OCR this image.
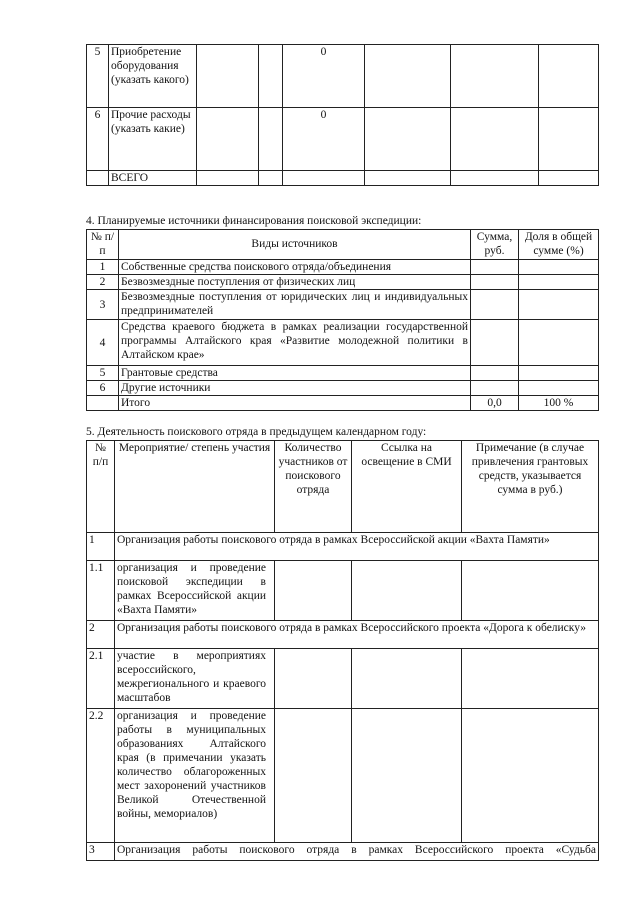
5	Приобретение оборудования (указать какого)			0			
6	Прочие расходы (указать какие)			0			
	ВСЕГО						
4. Планируемые источники финансирования поисковой экспедиции:
№ п/п	Виды источников	Сумма, руб.	Доля в общей сумме (%)
1	Собственные средства поискового отряда/объединения		
2	Безвозмездные поступления от физических лиц		
3	Безвозмездные поступления от юридических лиц и индивидуальных предпринимателей		
4	Средства краевого бюджета в рамках реализации государственной программы Алтайского края «Развитие молодежной политики в Алтайском крае»		
5	Грантовые средства		
6	Другие источники		
	Итого	0,0	100 %
5. Деятельность поискового отряда в предыдущем календарном году:
№ п/п	Мероприятие/ степень участия	Количество участников от поискового отряда	Ссылка на освещение в СМИ	Примечание (в случае привлечения грантовых средств, указывается сумма в руб.)
1	Организация работы поискового отряда в рамках Всероссийской акции «Вахта Памяти»			
1.1	организация и проведение поисковой экспедиции в рамках Всероссийской акции «Вахта Памяти»			
2	Организация работы поискового отряда в рамках Всероссийского проекта «Дорога к обелиску»			
2.1	участие в мероприятиях всероссийского, межрегионального и краевого масштабов			
2.2	организация и проведение работы в муниципальных образованиях Алтайского края (в примечании указать количество облагороженных мест захоронений участников Великой Отечественной войны, мемориалов)			
3	Организация работы поискового отряда в рамках Всероссийского проекта «Судьба			
